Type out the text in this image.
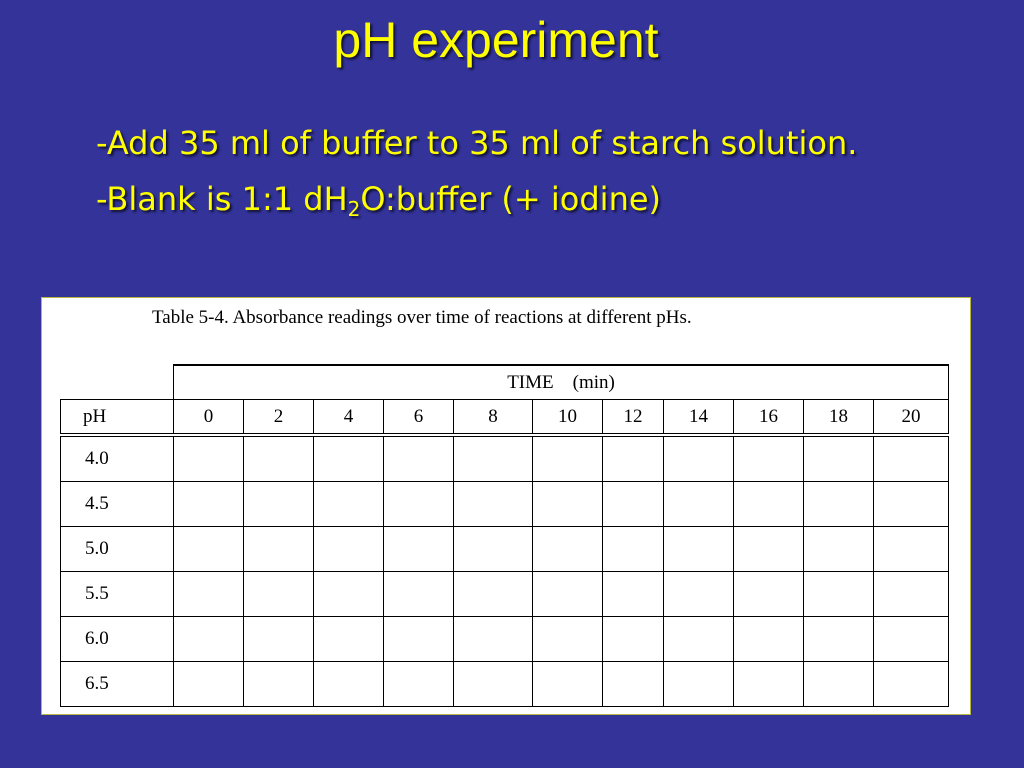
pH experiment
-Add 35 ml of buffer to 35 ml of starch solution.
-Blank is 1:1 $dH_2O:buffer$ (+ iodine)
Table 5-4. Absorbance readings over time of reactions at different pHs.
	TIME    (min)										
pH	0	2	4	6	8	10	12	14	16	18	20
4.0											
4.5											
5.0											
5.5											
6.0											
6.5											
